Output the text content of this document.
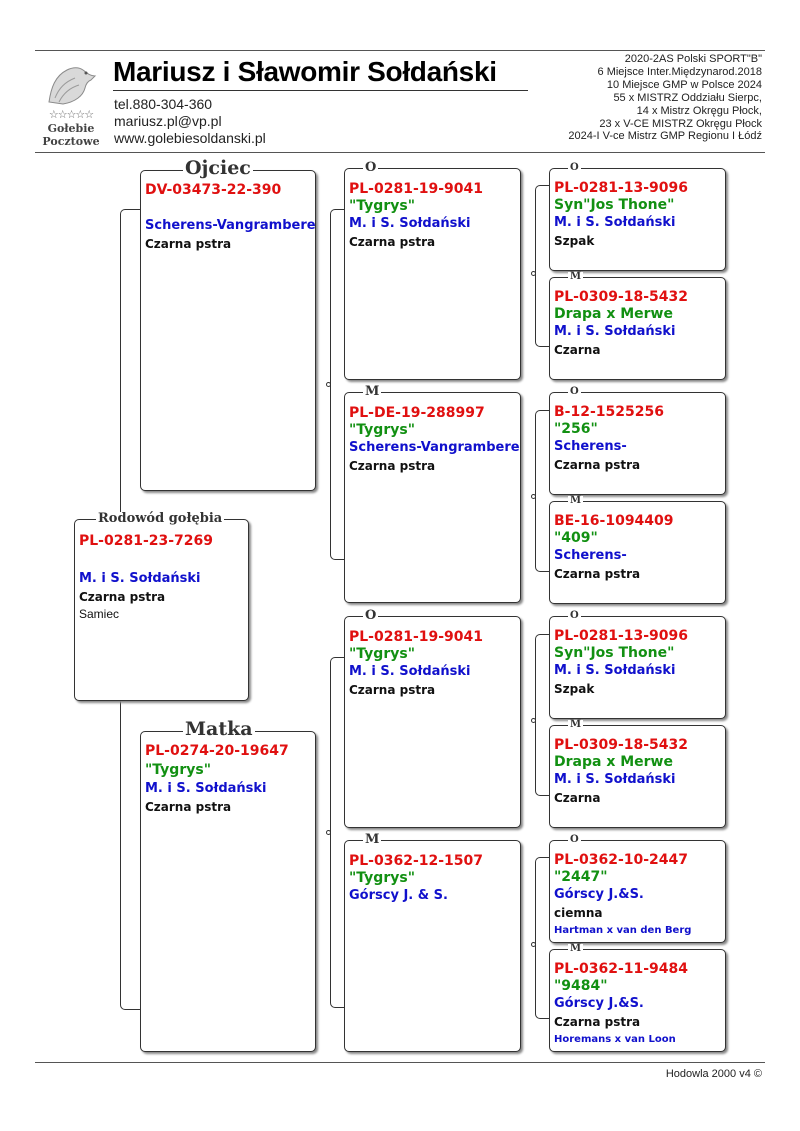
☆☆☆☆☆
Gołebie
Pocztowe
Mariusz i Sławomir Sołdański
tel.880-304-360
mariusz.pl@vp.pl
www.golebiesoldanski.pl
2020-2AS Polski SPORT"B"
6 Miejsce Inter.Międzynarod.2018
10 Miejsce GMP w Polsce 2024
55 x MISTRZ Oddziału Sierpc,
14 x Mistrz Okręgu Płock,
23 x V-CE MISTRZ Okręgu Płock
2024-I V-ce Mistrz GMP Regionu I Łódź
Rodowód gołębia
PL-0281-23-7269
M. i S. Sołdański
Czarna pstra
Samiec
Ojciec
DV-03473-22-390
Scherens-Vangrambere
Czarna pstra
Matka
PL-0274-20-19647
"Tygrys"
M. i S. Sołdański
Czarna pstra
O
PL-0281-19-9041
"Tygrys"
M. i S. Sołdański
Czarna pstra
M
PL-DE-19-288997
"Tygrys"
Scherens-Vangrambere
Czarna pstra
O
PL-0281-19-9041
"Tygrys"
M. i S. Sołdański
Czarna pstra
M
PL-0362-12-1507
"Tygrys"
Górscy J. & S.
O
PL-0281-13-9096
Syn"Jos Thone"
M. i S. Sołdański
Szpak
M
PL-0309-18-5432
Drapa x Merwe
M. i S. Sołdański
Czarna
O
B-12-1525256
"256"
Scherens-
Czarna pstra
M
BE-16-1094409
"409"
Scherens-
Czarna pstra
O
PL-0281-13-9096
Syn"Jos Thone"
M. i S. Sołdański
Szpak
M
PL-0309-18-5432
Drapa x Merwe
M. i S. Sołdański
Czarna
O
PL-0362-10-2447
"2447"
Górscy J.&S.
ciemna
Hartman x van den Berg
M
PL-0362-11-9484
"9484"
Górscy J.&S.
Czarna pstra
Horemans x van Loon
Hodowla 2000 v4 ©
